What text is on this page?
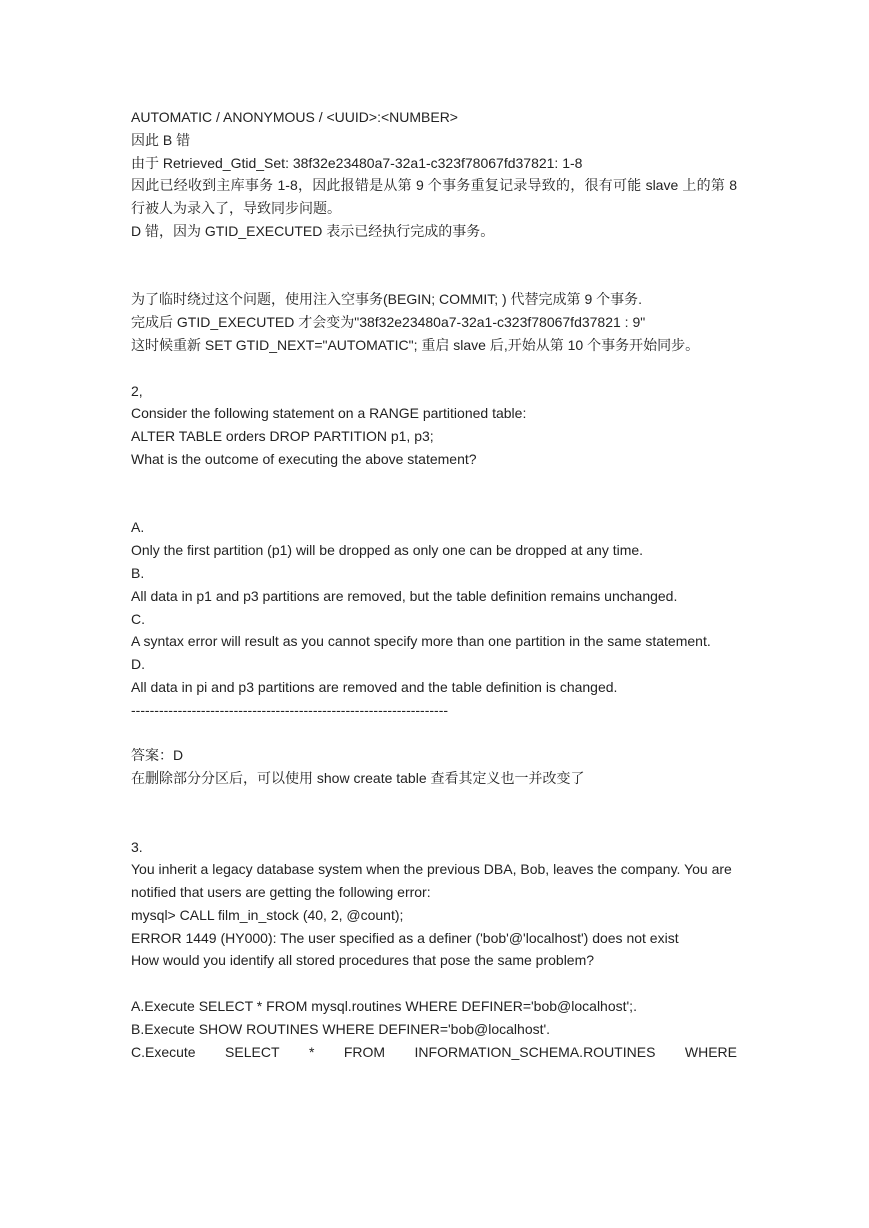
AUTOMATIC / ANONYMOUS / <UUID>:<NUMBER>
因此 B 错
由于 Retrieved_Gtid_Set: 38f32e23480a7-32a1-c323f78067fd37821: 1-8
因此已经收到主库事务 1-8，因此报错是从第 9 个事务重复记录导致的，很有可能 slave 上的第 8 行被人为录入了，导致同步问题。
D 错，因为 GTID_EXECUTED 表示已经执行完成的事务。
为了临时绕过这个问题，使用注入空事务(BEGIN; COMMIT; ) 代替完成第 9 个事务.
完成后 GTID_EXECUTED 才会变为"38f32e23480a7-32a1-c323f78067fd37821 : 9"
这时候重新 SET GTID_NEXT="AUTOMATIC"; 重启 slave 后,开始从第 10 个事务开始同步。
2,
Consider the following statement on a RANGE partitioned table:
ALTER TABLE orders DROP PARTITION p1, p3;
What is the outcome of executing the above statement?
A.
Only the first partition (p1) will be dropped as only one can be dropped at any time.
B.
All data in p1 and p3 partitions are removed, but the table definition remains unchanged.
C.
A syntax error will result as you cannot specify more than one partition in the same statement.
D.
All data in pi and p3 partitions are removed and the table definition is changed.
--------------------------------------------------------------------
答案：D
在删除部分分区后，可以使用 show create table 查看其定义也一并改变了
3.
You inherit a legacy database system when the previous DBA, Bob, leaves the company. You are
notified that users are getting the following error:
mysql> CALL film_in_stock (40, 2, @count);
ERROR 1449 (HY000): The user specified as a definer ('bob'@'localhost') does not exist
How would you identify all stored procedures that pose the same problem?
A.Execute SELECT * FROM mysql.routines WHERE DEFINER='bob@localhost';.
B.Execute SHOW ROUTINES WHERE DEFINER='bob@localhost'.
C.Execute SELECT * FROM INFORMATION_SCHEMA.ROUTINES WHERE
